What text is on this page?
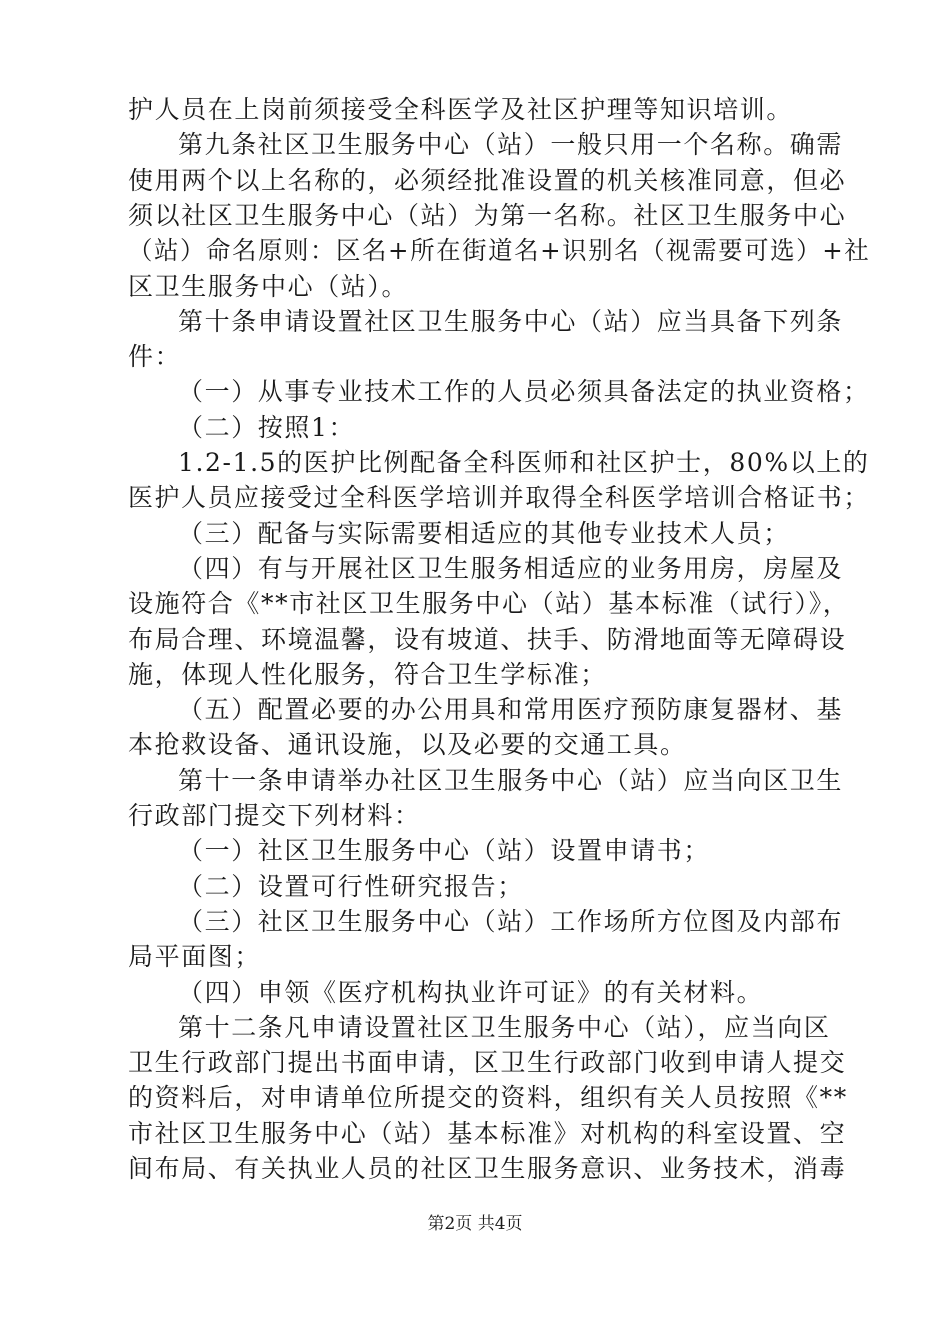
护人员在上岗前须接受全科医学及社区护理等知识培训。
第九条社区卫生服务中心（站）一般只用一个名称。确需
使用两个以上名称的，必须经批准设置的机关核准同意，但必
须以社区卫生服务中心（站）为第一名称。社区卫生服务中心
（站）命名原则：区名+所在街道名+识别名（视需要可选）+社
区卫生服务中心（站）。
第十条申请设置社区卫生服务中心（站）应当具备下列条
件：
（一）从事专业技术工作的人员必须具备法定的执业资格；
（二）按照1：
1.2-1.5的医护比例配备全科医师和社区护士，80%以上的
医护人员应接受过全科医学培训并取得全科医学培训合格证书；
（三）配备与实际需要相适应的其他专业技术人员；
（四）有与开展社区卫生服务相适应的业务用房，房屋及
设施符合《**市社区卫生服务中心（站）基本标准（试行）》，
布局合理、环境温馨，设有坡道、扶手、防滑地面等无障碍设
施，体现人性化服务，符合卫生学标准；
（五）配置必要的办公用具和常用医疗预防康复器材、基
本抢救设备、通讯设施，以及必要的交通工具。
第十一条申请举办社区卫生服务中心（站）应当向区卫生
行政部门提交下列材料：
（一）社区卫生服务中心（站）设置申请书；
（二）设置可行性研究报告；
（三）社区卫生服务中心（站）工作场所方位图及内部布
局平面图；
（四）申领《医疗机构执业许可证》的有关材料。
第十二条凡申请设置社区卫生服务中心（站），应当向区
卫生行政部门提出书面申请，区卫生行政部门收到申请人提交
的资料后，对申请单位所提交的资料，组织有关人员按照《**
市社区卫生服务中心（站）基本标准》对机构的科室设置、空
间布局、有关执业人员的社区卫生服务意识、业务技术，消毒
第2页 共4页
